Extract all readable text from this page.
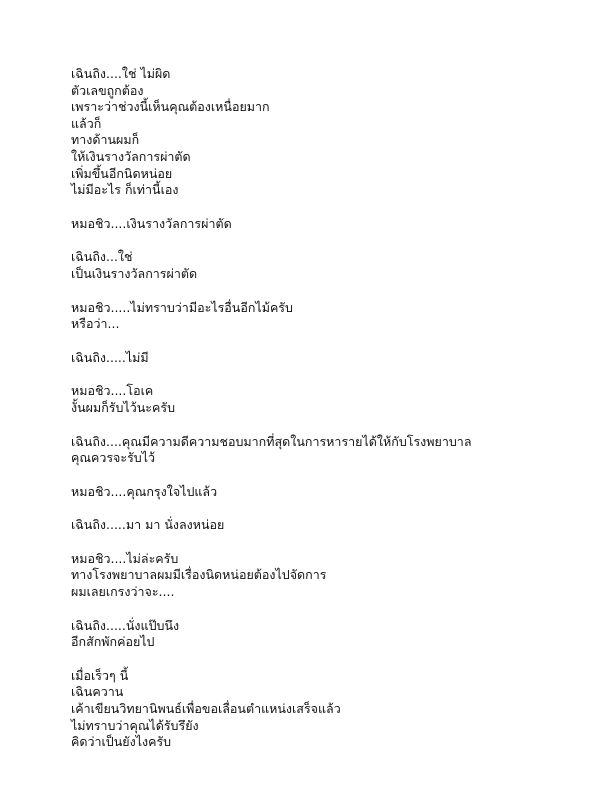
เฉินถิง....ใช่ ไม่ผิด
ตัวเลขถูกต้อง
เพราะว่าช่วงนี้เห็นคุณต้องเหนื่อยมาก
แล้วก็
ทางด้านผมก็
ให้เงินรางวัลการผ่าตัด
เพิ่มขึ้นอีกนิดหน่อย
ไม่มีอะไร ก็เท่านี้เอง
หมอชิว....เงินรางวัลการผ่าตัด
เฉินถิง...ใช่
เป็นเงินรางวัลการผ่าตัด
หมอชิว.....ไม่ทราบว่ามีอะไรอื่นอีกไม้ครับ
หรือว่า...
เฉินถิง.....ไม่มี
หมอชิว....โอเค
งั้นผมก็รับไว้นะครับ
เฉินถิง....คุณมีความดีความชอบมากที่สุดในการหารายได้ให้กับโรงพยาบาล
คุณควรจะรับไว้
หมอชิว....คุณกรุงใจไปแล้ว
เฉินถิง.....มา มา นั่งลงหน่อย
หมอชิว....ไม่ล่ะครับ
ทางโรงพยาบาลผมมีเรื่องนิดหน่อยต้องไปจัดการ
ผมเลยเกรงว่าจะ....
เฉินถิง.....นั่งแป๊บนึง
อีกสักพักค่อยไป
เมื่อเร็วๆ นี้
เฉินควาน
เค้าเขียนวิทยานิพนธ์เพื่อขอเลื่อนตำแหน่งเสร็จแล้ว
ไม่ทราบว่าคุณได้รับรึยัง
คิดว่าเป็นยังไงครับ
